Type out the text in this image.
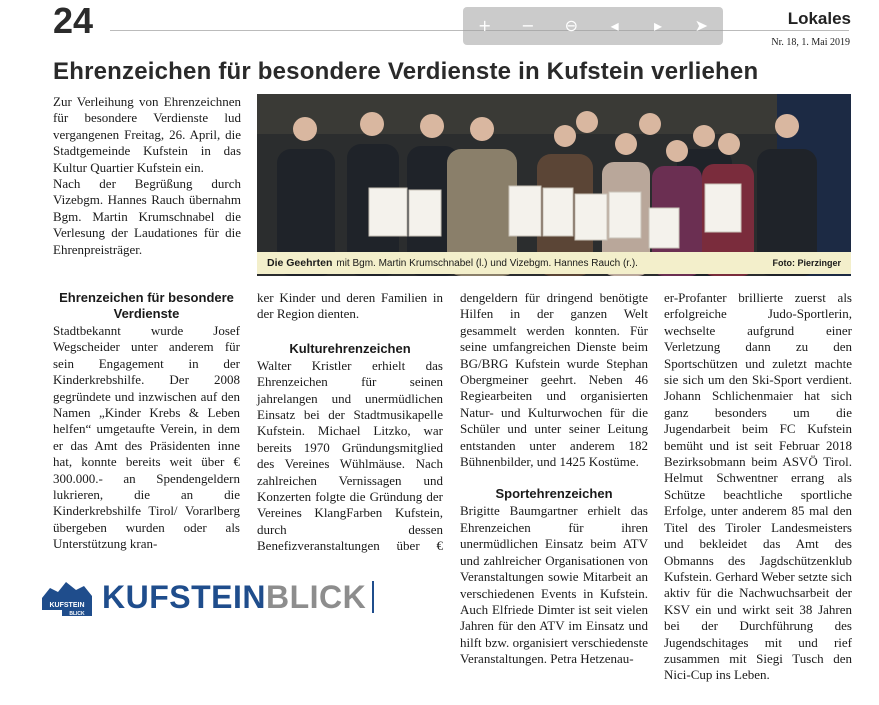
24	Lokales
Nr. 18, 1. Mai 2019
+	−	⊖	◂	▸	➤
Ehrenzeichen für besondere Verdienste in Kufstein verliehen

Zur Verleihung von Ehrenzeichnen für besondere Verdienste lud vergangenen Freitag, 26. April, die Stadtgemeinde Kufstein in das Kultur Quartier Kufstein ein.

Nach der Begrüßung durch Vizebgm. Hannes Rauch übernahm Bgm. Martin Krumschnabel die Verlesung der Laudationes für die Ehrenpreisträger.

Die Geehrten mit Bgm. Martin Krumschnabel (l.) und Vizebgm. Hannes Rauch (r.).	Foto: Pierzinger
Ehrenzeichen für besondere Verdienste

Stadtbekannt wurde Josef Wegscheider unter anderem für sein Engagement in der Kinderkrebshilfe. Der 2008 gegründete und inzwischen auf den Namen „Kinder Krebs & Leben helfen“ umgetaufte Verein, in dem er das Amt des Präsidenten inne hat, konnte bereits weit über € 300.000.- an Spendengeldern lukrieren, die an die Kinderkrebshilfe Tirol/ Vorarlberg übergeben wurden oder als Unterstützung kran-

ker Kinder und deren Familien in der Region dienten.

Kulturehrenzeichen

Walter Kristler erhielt das Ehrenzeichen für seinen jahrelangen und unermüdlichen Einsatz bei der Stadtmusikapelle Kufstein. Michael Litzko, war bereits 1970 Gründungsmitglied des Vereines Wühlmäuse. Nach zahlreichen Vernissagen und Konzerten folgte die Gründung der Vereines KlangFarben Kufstein, durch dessen Benefizveranstaltungen über €

dengeldern für dringend benötigte Hilfen in der ganzen Welt gesammelt werden konnten. Für seine umfangreichen Dienste beim BG/BRG Kufstein wurde Stephan Obergmeiner geehrt. Neben 46 Regiearbeiten und organisierten Natur- und Kulturwochen für die Schüler und unter seiner Leitung entstanden unter anderem 182 Bühnenbilder, und 1425 Kostüme.

Sportehrenzeichen

Brigitte Baumgartner erhielt das Ehrenzeichen für ihren unermüdlichen Einsatz beim ATV und zahlreicher Organisationen von Veranstaltungen sowie Mitarbeit an verschiedenen Events in Kufstein. Auch Elfriede Dimter ist seit vielen Jahren für den ATV im Einsatz und hilft bzw. organisiert verschiedenste Veranstaltungen. Petra Hetzenau-

er-Profanter brillierte zuerst als erfolgreiche Judo-Sportlerin, wechselte aufgrund einer Verletzung dann zu den Sportschützen und zuletzt machte sie sich um den Ski-Sport verdient. Johann Schlichenmaier hat sich ganz besonders um die Jugendarbeit beim FC Kufstein bemüht und ist seit Februar 2018 Bezirksobmann beim ASVÖ Tirol. Helmut Schwentner errang als Schütze beachtliche sportliche Erfolge, unter anderem 85 mal den Titel des Tiroler Landesmeisters und bekleidet das Amt des Obmanns des Jagdschützenklub Kufstein. Gerhard Weber setzte sich aktiv für die Nachwuchsarbeit der KSV ein und wirkt seit 38 Jahren bei der Durchführung des Jugendschitages mit und rief zusammen mit Siegi Tusch den Nici-Cup ins Leben.

KUFSTEIN
BLICK KUFSTEINBLICK
